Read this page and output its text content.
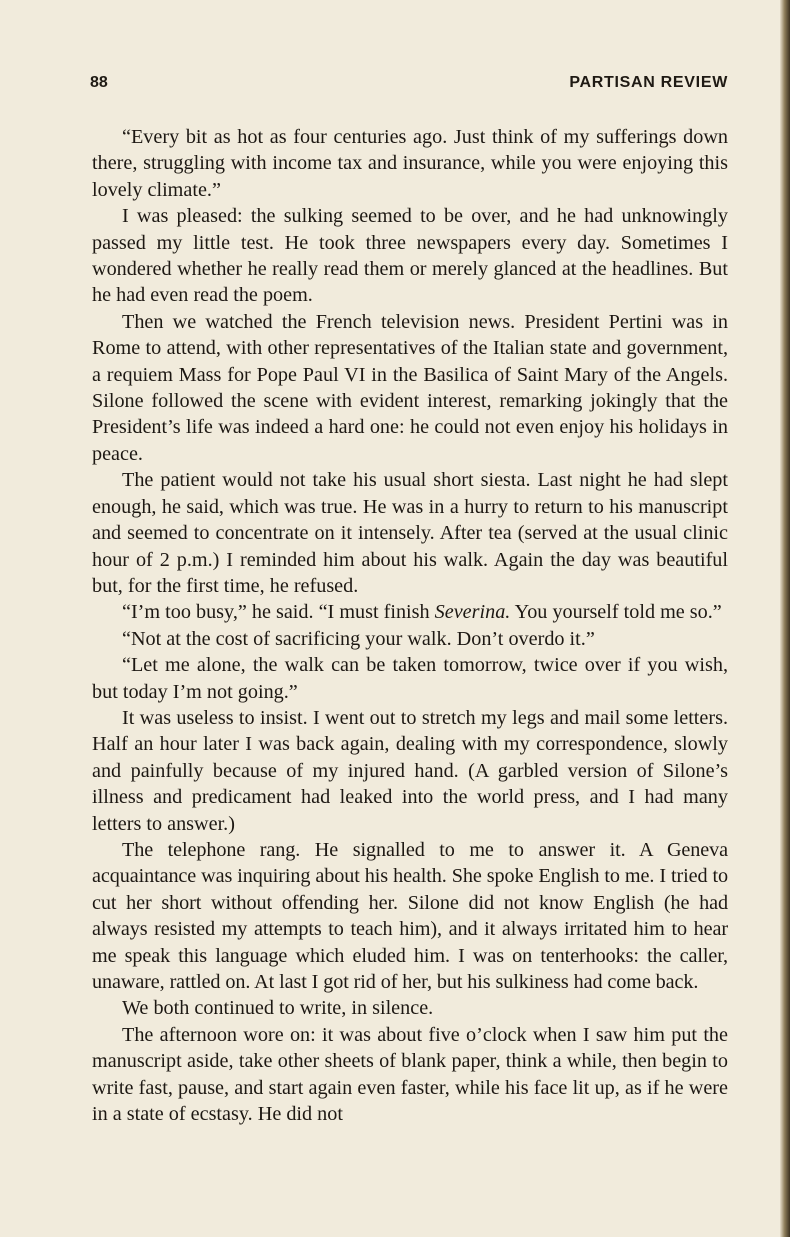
88	PARTISAN REVIEW

“Every bit as hot as four centuries ago. Just think of my sufferings down there, struggling with income tax and insurance, while you were enjoying this lovely climate.”

I was pleased: the sulking seemed to be over, and he had unknowingly passed my little test. He took three newspapers every day. Sometimes I wondered whether he really read them or merely glanced at the headlines. But he had even read the poem.

Then we watched the French television news. President Pertini was in Rome to attend, with other representatives of the Italian state and government, a requiem Mass for Pope Paul VI in the Basilica of Saint Mary of the Angels. Silone followed the scene with evident interest, remarking jokingly that the President’s life was indeed a hard one: he could not even enjoy his holidays in peace.

The patient would not take his usual short siesta. Last night he had slept enough, he said, which was true. He was in a hurry to return to his manuscript and seemed to concentrate on it intensely. After tea (served at the usual clinic hour of 2 p.m.) I reminded him about his walk. Again the day was beautiful but, for the first time, he refused.

“I’m too busy,” he said. “I must finish Severina. You yourself told me so.”

“Not at the cost of sacrificing your walk. Don’t overdo it.”

“Let me alone, the walk can be taken tomorrow, twice over if you wish, but today I’m not going.”

It was useless to insist. I went out to stretch my legs and mail some letters. Half an hour later I was back again, dealing with my correspondence, slowly and painfully because of my injured hand. (A garbled version of Silone’s illness and predicament had leaked into the world press, and I had many letters to answer.)

The telephone rang. He signalled to me to answer it. A Geneva acquaintance was inquiring about his health. She spoke English to me. I tried to cut her short without offending her. Silone did not know English (he had always resisted my attempts to teach him), and it always irritated him to hear me speak this language which eluded him. I was on tenterhooks: the caller, unaware, rattled on. At last I got rid of her, but his sulkiness had come back.

We both continued to write, in silence.

The afternoon wore on: it was about five o’clock when I saw him put the manuscript aside, take other sheets of blank paper, think a while, then begin to write fast, pause, and start again even faster, while his face lit up, as if he were in a state of ecstasy. He did not
